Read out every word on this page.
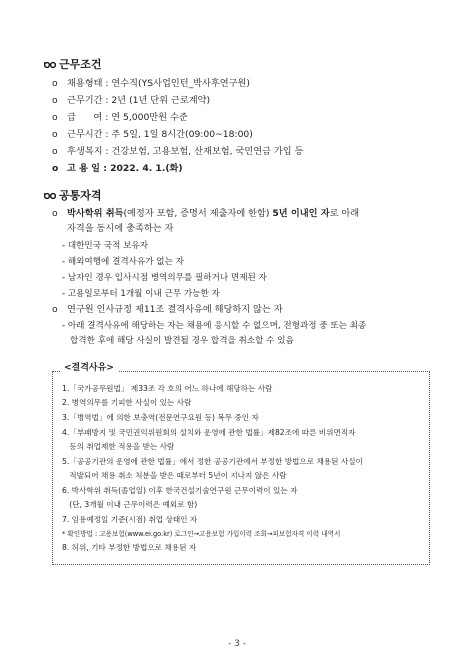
근무조건
o 채용형태 : 연수직(YS사업인턴_박사후연구원)
o 근무기간 : 2년 (1년 단위 근로계약)
o 급      여 : 연 5,000만원 수준
o 근무시간 : 주 5일, 1일 8시간(09:00~18:00)
o 후생복지 : 건강보험, 고용보험, 산재보험, 국민연금 가입 등
o 고 용 일 : 2022. 4. 1.(화)
공통자격
o 박사학위 취득(예정자 포함, 증명서 제출자에 한함) 5년 이내인 자로 아래
자격을 동시에 충족하는 자
- 대한민국 국적 보유자
- 해외여행에 결격사유가 없는 자
- 남자인 경우 입사시점 병역의무를 필하거나 면제된 자
- 고용일로부터 1개월 이내 근무 가능한 자
o 연구원 인사규정 제11조 결격사유에 해당하지 않는 자
- 아래 결격사유에 해당하는 자는 채용에 응시할 수 없으며, 전형과정 중 또는 최종
합격한 후에 해당 사실이 발견될 경우 합격을 취소할 수 있음
<결격사유>
1.「국가공무원법」 제33조 각 호의 어느 하나에 해당하는 사람
2. 병역의무를 기피한 사실이 있는 사람
3.「병역법」에 의한 보충역(전문연구요원 등) 복무 중인 자
4.「부패방지 및 국민권익위원회의 설치와 운영에 관한 법률」제82조에 따른 비위면직자
등의 취업제한 적용을 받는 사람
5.「공공기관의 운영에 관한 법률」에서 정한 공공기관에서 부정한 방법으로 채용된 사실이
적발되어 채용 취소 처분을 받은 때로부터 5년이 지나지 않은 사람
6. 박사학위 취득(졸업일) 이후 한국건설기술연구원 근무이력이 있는 자
(단, 3개월 이내 근무이력은 예외로 함)
7. 임용예정일 기준(시점) 취업 상태인 자
* 확인방법 : 고용보험(www.ei.go.kr) 로그인→고용보험 가입이력 조회→피보험자격 이력 내역서
8. 허위, 기타 부정한 방법으로 채용된 자
- 3 -
